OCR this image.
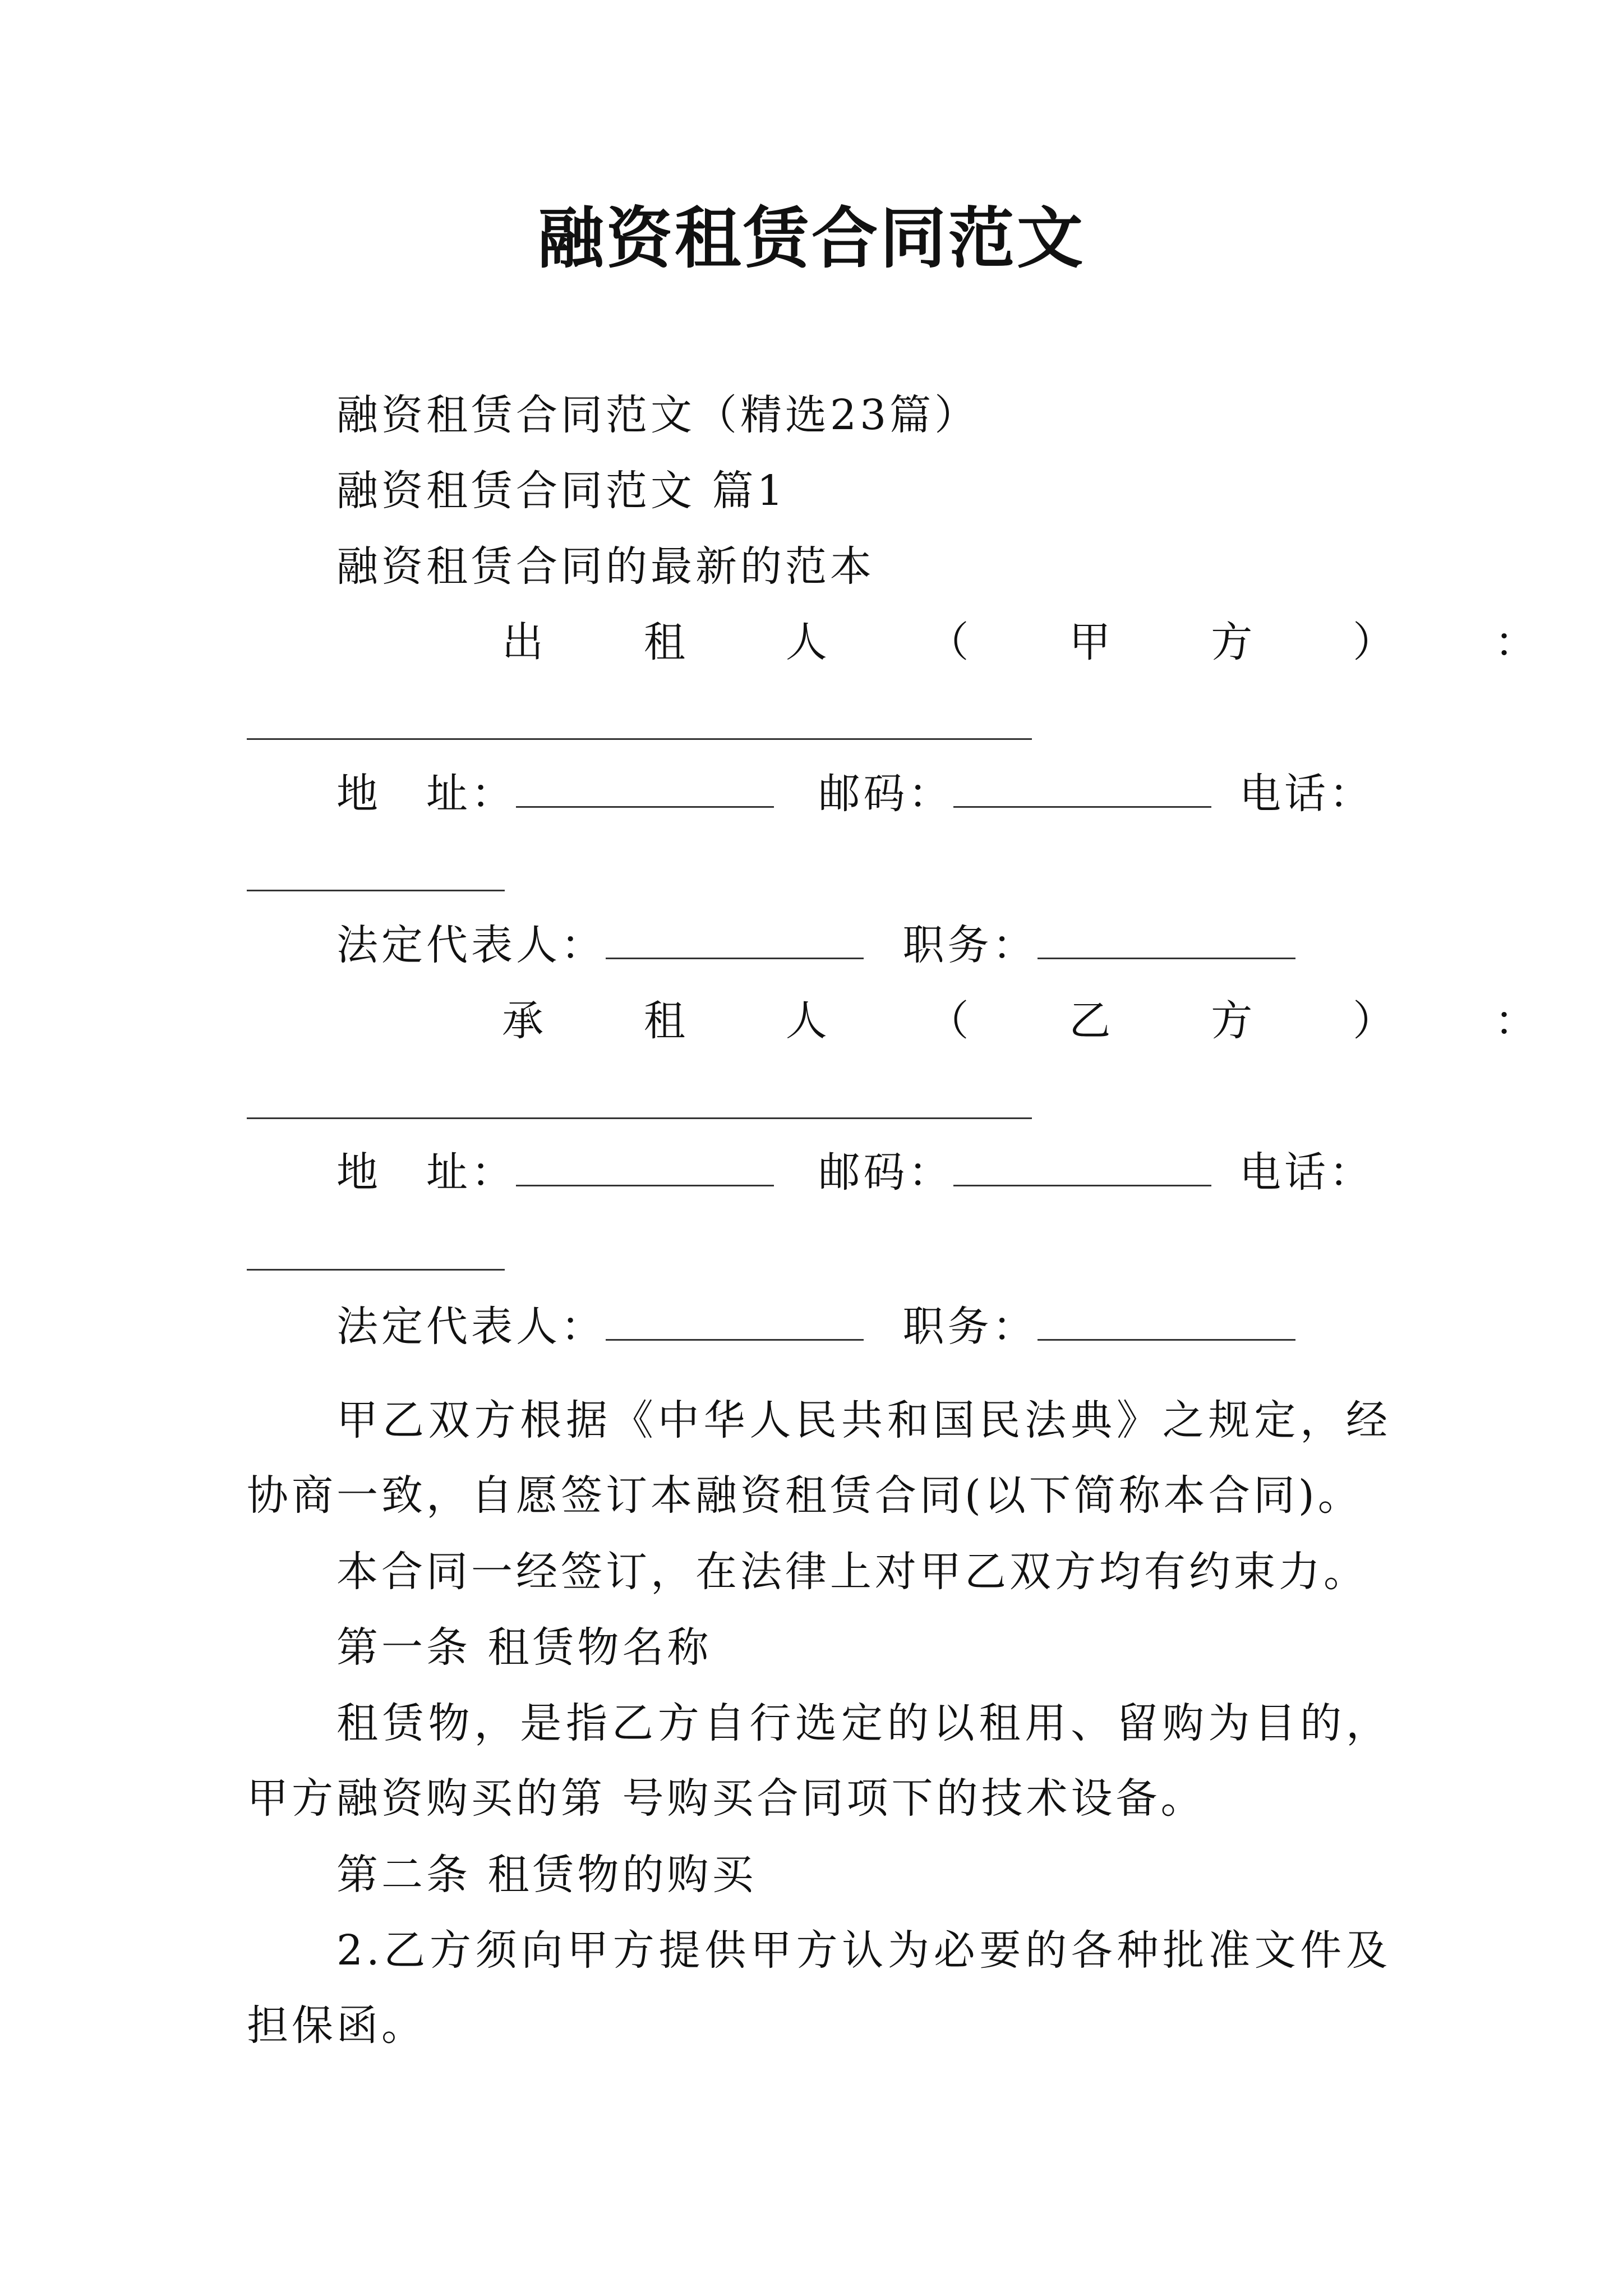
融资租赁合同范文
融资租赁合同范文（精选23篇）
融资租赁合同范文 篇1
融资租赁合同的最新的范本
出 租 人 （ 甲 方 ） ：
地　址：	邮码：	电话：
法定代表人：	职务：
承 租 人 （ 乙 方 ） ：
地　址：	邮码：	电话：
法定代表人：	职务：
甲乙双方根据《中华人民共和国民法典》之规定，经协商一致，自愿签订本融资租赁合同(以下简称本合同)。
本合同一经签订，在法律上对甲乙双方均有约束力。
第一条 租赁物名称
租赁物，是指乙方自行选定的以租用、留购为目的，甲方融资购买的第 号购买合同项下的技术设备。
第二条 租赁物的购买
2.乙方须向甲方提供甲方认为必要的各种批准文件及担保函。
